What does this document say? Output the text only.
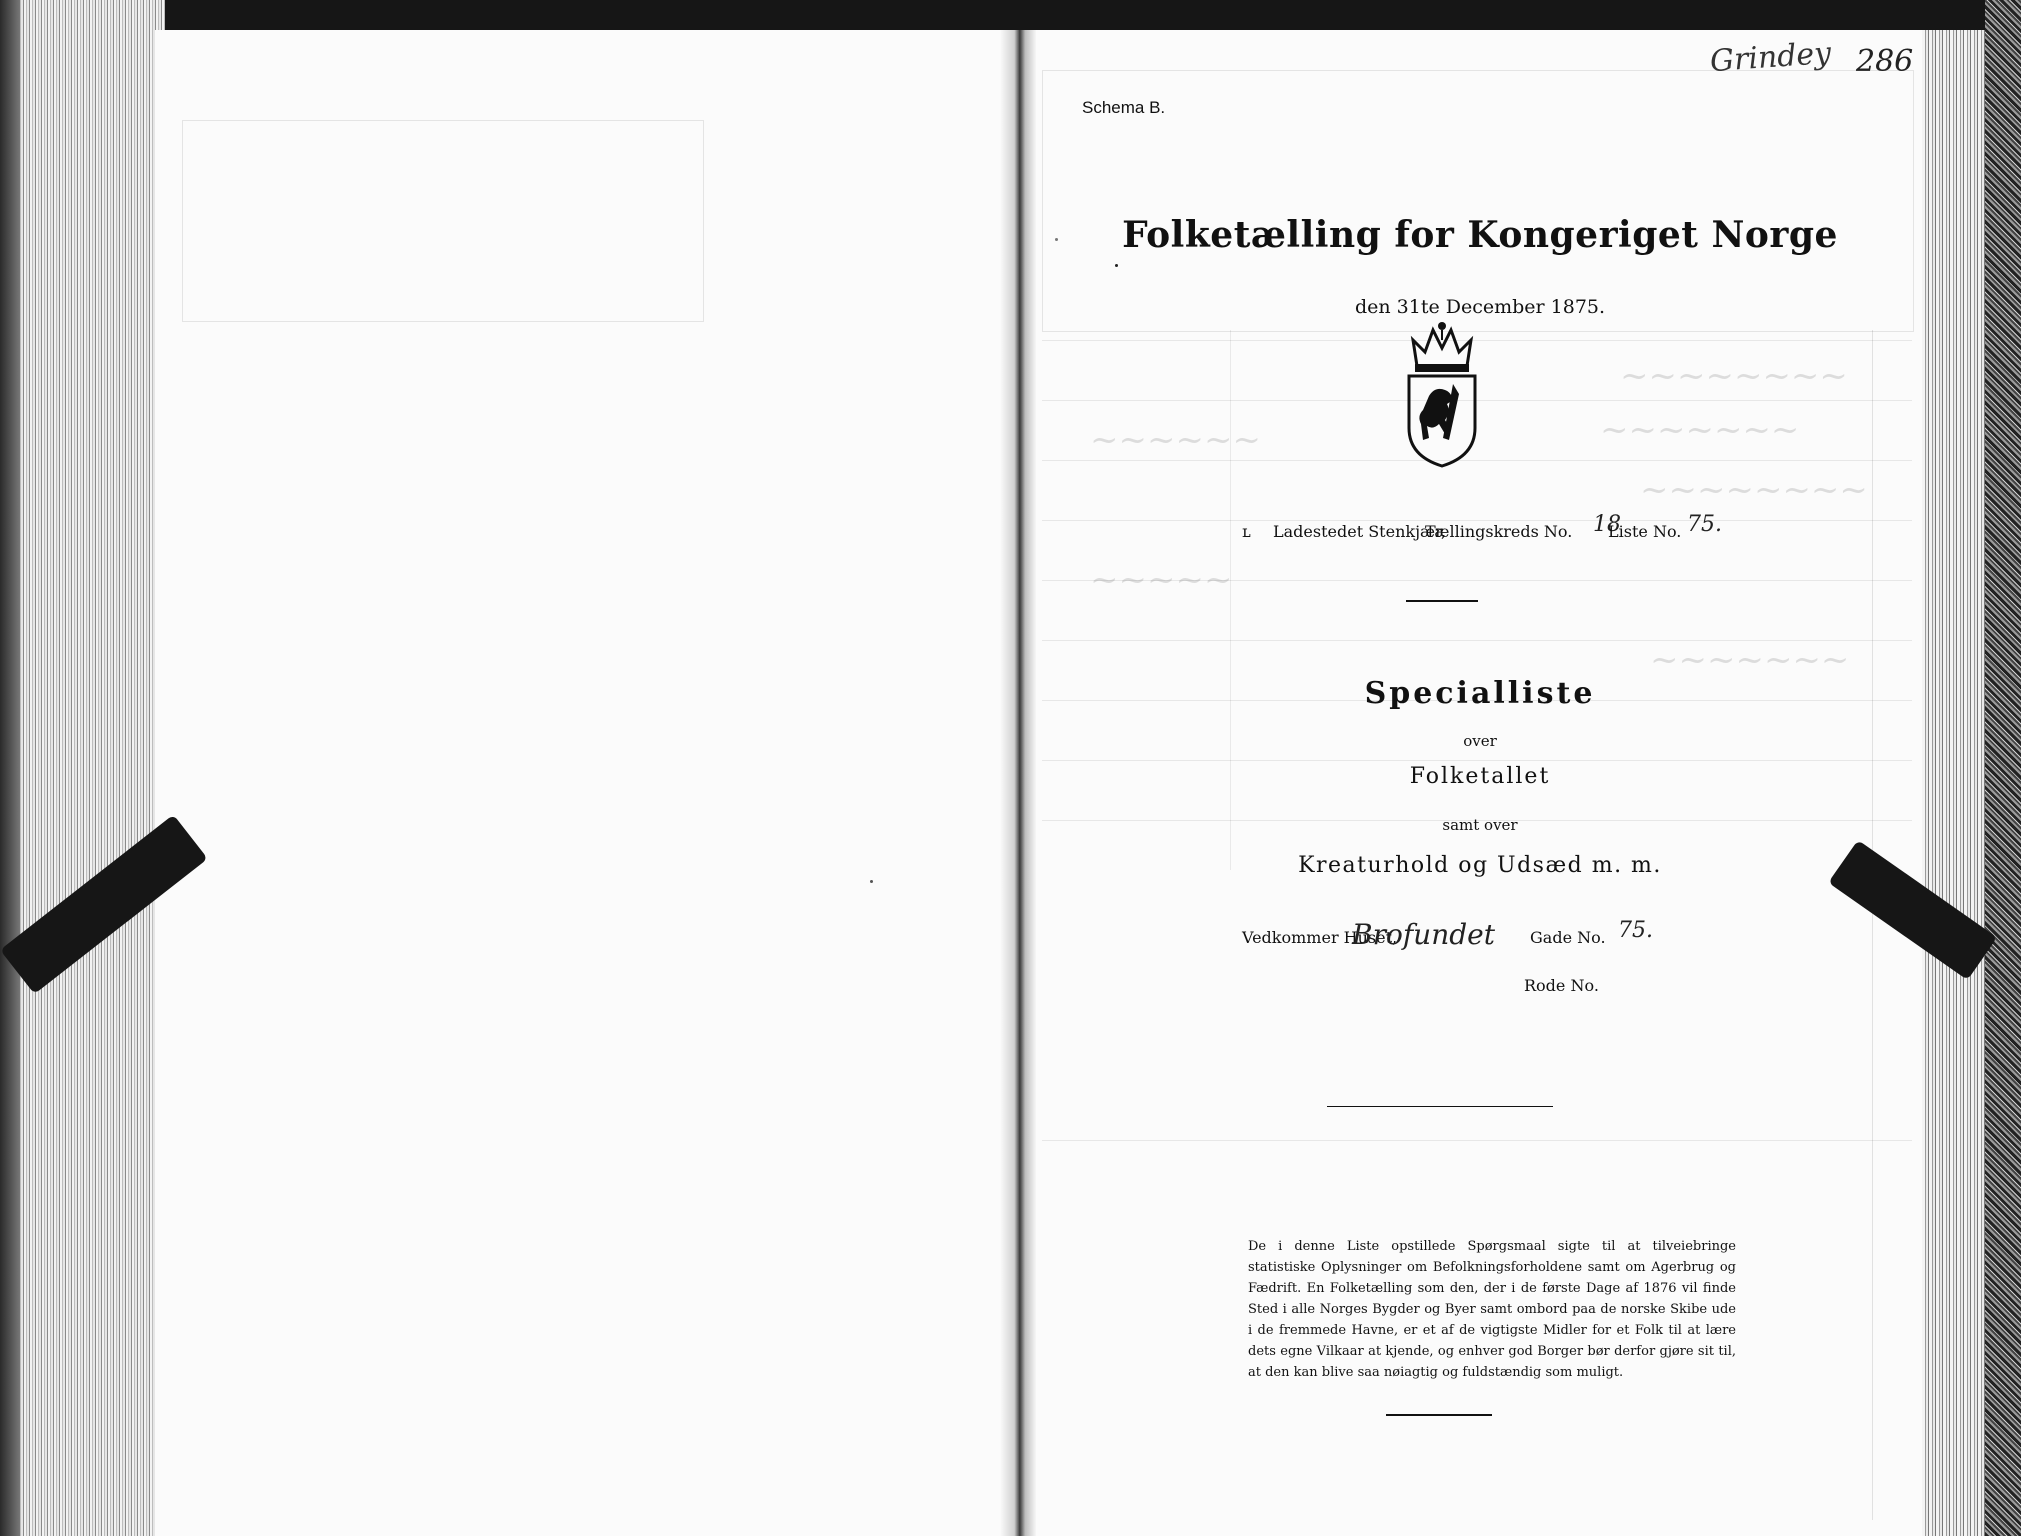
~~~~~~~~
~~~~~~~
~~~~~~~~
~~~~~~
~~~~~
~~~~~~~
Grindey 286
Schema B.
Folketælling for Kongeriget Norge
den 31te December 1875.
ʟ Ladestedet Stenkjær,
Tællingskreds No. 18
Liste No. 75.
Specialliste
over
Folketallet
samt over
Kreaturhold og Udsæd m. m.
Vedkommer Huset,
Brofundet Gade No. 75.
Rode No.
De i denne Liste opstillede Spørgsmaal sigte til at tilveiebringe statistiske Oplysninger om Befolkningsforholdene samt om Agerbrug og Fædrift. En Folketælling som den, der i de første Dage af 1876 vil finde Sted i alle Norges Bygder og Byer samt ombord paa de norske Skibe ude i de fremmede Havne, er et af de vigtigste Midler for et Folk til at lære dets egne Vilkaar at kjende, og enhver god Borger bør derfor gjøre sit til, at den kan blive saa nøiagtig og fuldstændig som muligt.
